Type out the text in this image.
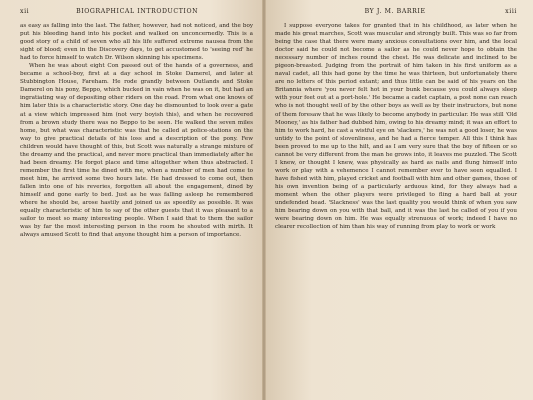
xii	BIOGRAPHICAL INTRODUCTION

as easy as falling into the last. The father, however, had not noticed, and the boy put his bleeding hand into his pocket and walked on unconcernedly. This is a good story of a child of seven who all his life suffered extreme nausea from the sight of blood; even in the Discovery days, to get accustomed to 'seeing red' he had to force himself to watch Dr. Wilson skinning his specimens.

When he was about eight Con passed out of the hands of a governess, and became a school-boy, first at a day school in Stoke Damerel, and later at Stubbington House, Fareham. He rode grandly between Outlands and Stoke Damerel on his pony, Beppo, which bucked in vain when he was on it, but had an ingratiating way of depositing other riders on the road. From what one knows of him later this is a characteristic story. One day he dismounted to look over a gate at a view which impressed him (not very boyish this), and when he recovered from a brown study there was no Beppo to be seen. He walked the seven miles home, but what was characteristic was that he called at police-stations on the way to give practical details of his loss and a description of the pony. Few children would have thought of this, but Scott was naturally a strange mixture of the dreamy and the practical, and never more practical than immediately after he had been dreamy. He forgot place and time altogether when thus abstracted. I remember the first time he dined with me, when a number of men had come to meet him, he arrived some two hours late. He had dressed to come out, then fallen into one of his reveries, forgotten all about the engagement, dined by himself and gone early to bed. Just as he was falling asleep he remembered where he should be, arose hastily and joined us as speedily as possible. It was equally characteristic of him to say of the other guests that it was pleasant to a sailor to meet so many interesting people. When I said that to them the sailor was by far the most interesting person in the room he shouted with mirth. It always amused Scott to find that anyone thought him a person of importance.

BY J. M. BARRIE	xiii

I suppose everyone takes for granted that in his childhood, as later when he made his great marches, Scott was muscular and strongly built. This was so far from being the case that there were many anxious consultations over him, and the local doctor said he could not become a sailor as he could never hope to obtain the necessary number of inches round the chest. He was delicate and inclined to be pigeon-breasted. Judging from the portrait of him taken in his first uniform as a naval cadet, all this had gone by the time he was thirteen, but unfortunately there are no letters of this period extant; and thus little can be said of his years on the Britannia where 'you never felt hot in your bunk because you could always sleep with your feet out at a port-hole.' He became a cadet captain, a post none can reach who is not thought well of by the other boys as well as by their instructors, but none of them foresaw that he was likely to become anybody in particular. He was still 'Old Mooney,' as his father had dubbed him, owing to his dreamy mind; it was an effort to him to work hard, he cast a wistful eye on 'slackers,' he was not a good loser, he was untidy to the point of slovenliness, and he had a fierce temper. All this I think has been proved to me up to the hilt, and as I am very sure that the boy of fifteen or so cannot be very different from the man he grows into, it leaves me puzzled. The Scott I knew, or thought I knew, was physically as hard as nails and flung himself into work or play with a vehemence I cannot remember ever to have seen equalled. I have fished with him, played cricket and football with him and other games, those of his own invention being of a particularly arduous kind, for they always had a moment when the other players were privileged to fling a hard ball at your undefended head. 'Slackness' was the last quality you would think of when you saw him bearing down on you with that ball, and it was the last he called of you if you were bearing down on him. He was equally strenuous of work; indeed I have no clearer recollection of him than his way of running from play to work or work
